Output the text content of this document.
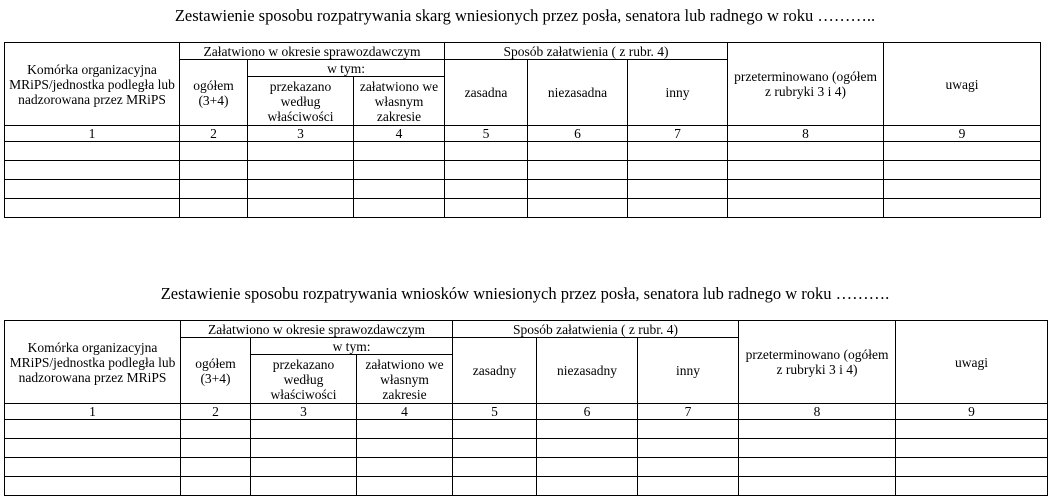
Zestawienie sposobu rozpatrywania skarg wniesionych przez posła, senatora lub radnego w roku ………..
Komórka organizacyjna MRiPS/jednostka podległa lub nadzorowana przez MRiPS	Załatwiono w okresie sprawozdawczym			Sposób załatwienia ( z rubr. 4)			przeterminowano (ogółem z rubryki 3 i 4)	uwagi
	ogółem (3+4)	w tym:		zasadna	niezasadna	inny		
		przekazano według właściwości	załatwiono we własnym zakresie					
1	2	3	4	5	6	7	8	9

Zestawienie sposobu rozpatrywania wniosków wniesionych przez posła, senatora lub radnego w roku ……….
Komórka organizacyjna MRiPS/jednostka podległa lub nadzorowana przez MRiPS	Załatwiono w okresie sprawozdawczym			Sposób załatwienia ( z rubr. 4)			przeterminowano (ogółem z rubryki 3 i 4)	uwagi
	ogółem (3+4)	w tym:		zasadny	niezasadny	inny		
		przekazano według właściwości	załatwiono we własnym zakresie					
1	2	3	4	5	6	7	8	9
